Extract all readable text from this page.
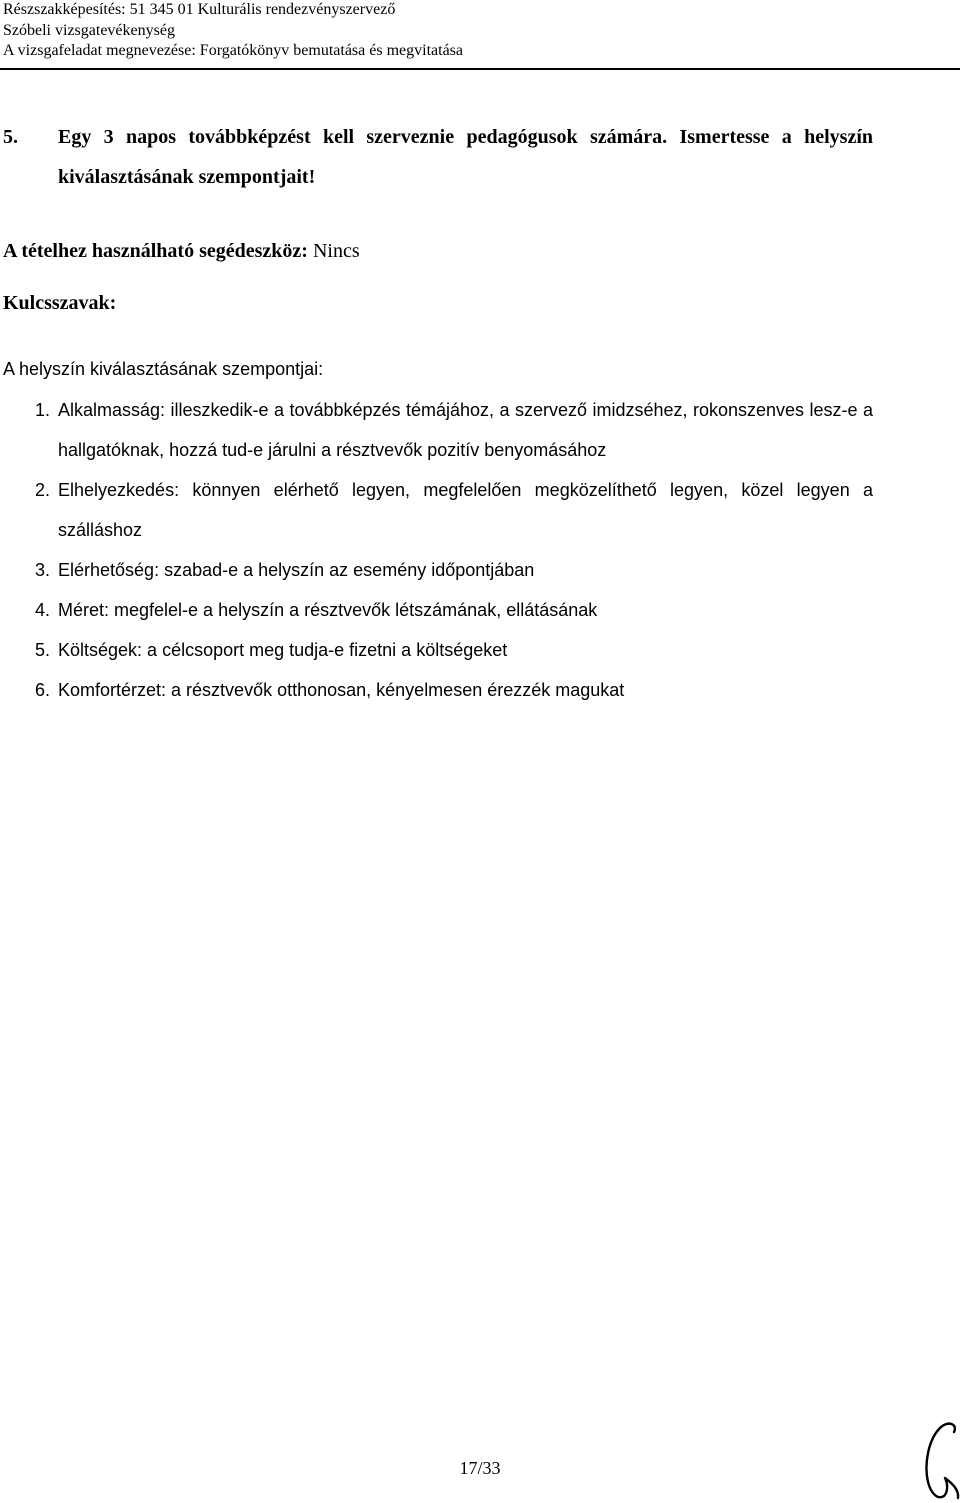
Részszakképesítés: 51 345 01 Kulturális rendezvényszervező
Szóbeli vizsgatevékenység
A vizsgafeladat megnevezése: Forgatókönyv bemutatása és megvitatása
5.	Egy 3 napos továbbképzést kell szerveznie pedagógusok számára. Ismertesse a helyszín kiválasztásának szempontjait!
A tételhez használható segédeszköz: Nincs
Kulcsszavak:
A helyszín kiválasztásának szempontjai:
1. Alkalmasság: illeszkedik-e a továbbképzés témájához, a szervező imidzséhez, rokonszenves lesz-e a hallgatóknak, hozzá tud-e járulni a résztvevők pozitív benyomásához
2. Elhelyezkedés: könnyen elérhető legyen, megfelelően megközelíthető legyen, közel legyen a szálláshoz
3. Elérhetőség: szabad-e a helyszín az esemény időpontjában
4. Méret: megfelel-e a helyszín a résztvevők létszámának, ellátásának
5. Költségek: a célcsoport meg tudja-e fizetni a költségeket
6. Komfortérzet: a résztvevők otthonosan, kényelmesen érezzék magukat
17/33
